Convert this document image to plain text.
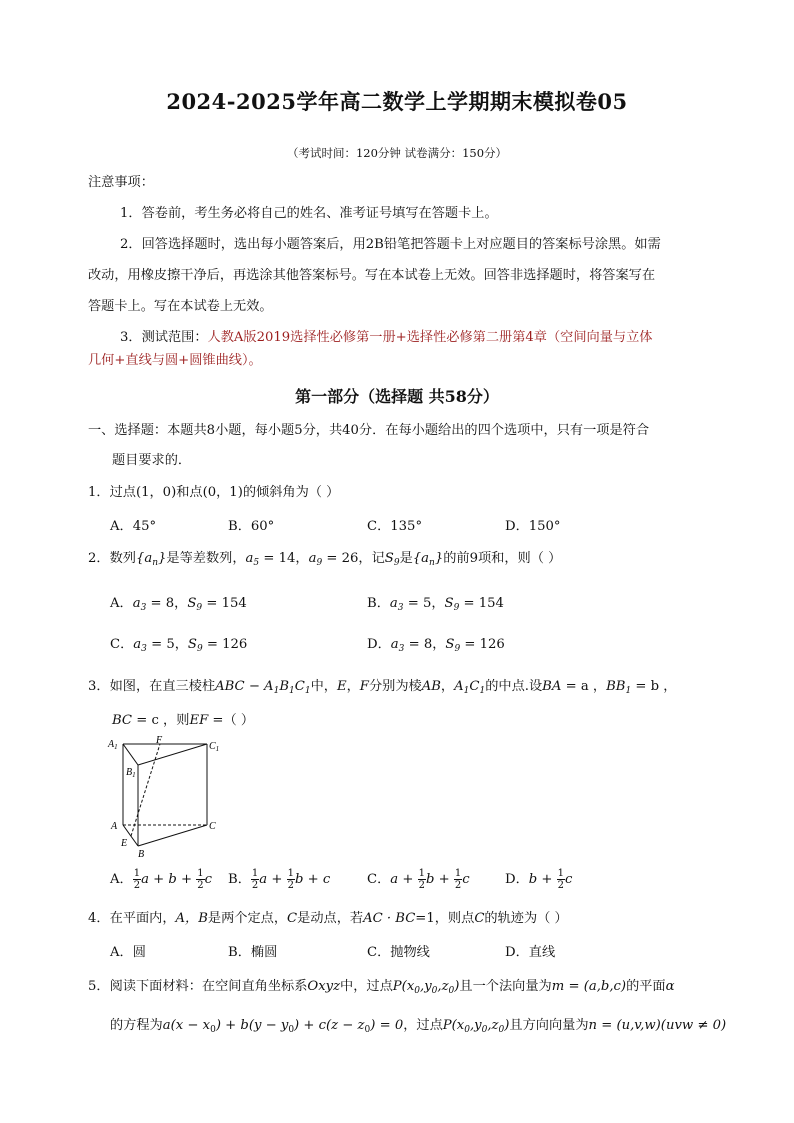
2024-2025学年高二数学上学期期末模拟卷05
（考试时间：120分钟 试卷满分：150分）
注意事项：
1．答卷前，考生务必将自己的姓名、准考证号填写在答题卡上。
2．回答选择题时，选出每小题答案后，用2B铅笔把答题卡上对应题目的答案标号涂黑。如需
改动，用橡皮擦干净后，再选涂其他答案标号。写在本试卷上无效。回答非选择题时，将答案写在
答题卡上。写在本试卷上无效。
3．测试范围：人教A版2019选择性必修第一册+选择性必修第二册第4章（空间向量与立体
几何+直线与圆+圆锥曲线）。
第一部分（选择题 共58分）
一、选择题：本题共8小题，每小题5分，共40分．在每小题给出的四个选项中，只有一项是符合
题目要求的．
1．过点(1，0)和点(0，1)的倾斜角为（ ）
A．45°	B．60°	C．135°	D．150°
2．数列$\{a_n\}$是等差数列，$a_5 = 14$，$a_9 = 26$，记$S_9$是$\{a_n\}$的前9项和，则（ ）
A．$a_3 = 8$，$S_9 = 154$	B．$a_3 = 5$，$S_9 = 154$
C．$a_3 = 5$，$S_9 = 126$	D．$a_3 = 8$，$S_9 = 126$
3．如图，在直三棱柱ABC − $A_1B_1C_1$中，E，F分别为棱AB，$A_1C_1$的中点.设BA = a ，$BB_1 = b$ ，
BC = c ，则EF =（ ）
$A_1$
F
$C_1$
$B_1$
A	C
E
B
A． $\frac{1}{2}$ $a + b + \frac{1}{2}$ c B． $\frac{1}{2}$ $a + \frac{1}{2}$ b + c	C．$a + \frac{1}{2}$ $b + \frac{1}{2}$ c	D．$b + \frac{1}{2}$ c
4．在平面内，A，B是两个定点，C是动点，若AC · BC=1，则点C的轨迹为（ ）
A．圆	B．椭圆	C．抛物线	D．直线
5．阅读下面材料：在空间直角坐标系Oxyz中，过点$P(x_0,y_0,z_0)$且一个法向量为m = (a,b,c)的平面α
的方程为$a(x - x_0) + b(y - y_0) + c(z - z_0) = 0$，过点$P(x_0,y_0,z_0)$且方向向量为n = (u,v,w)(uvw ≠ 0)
